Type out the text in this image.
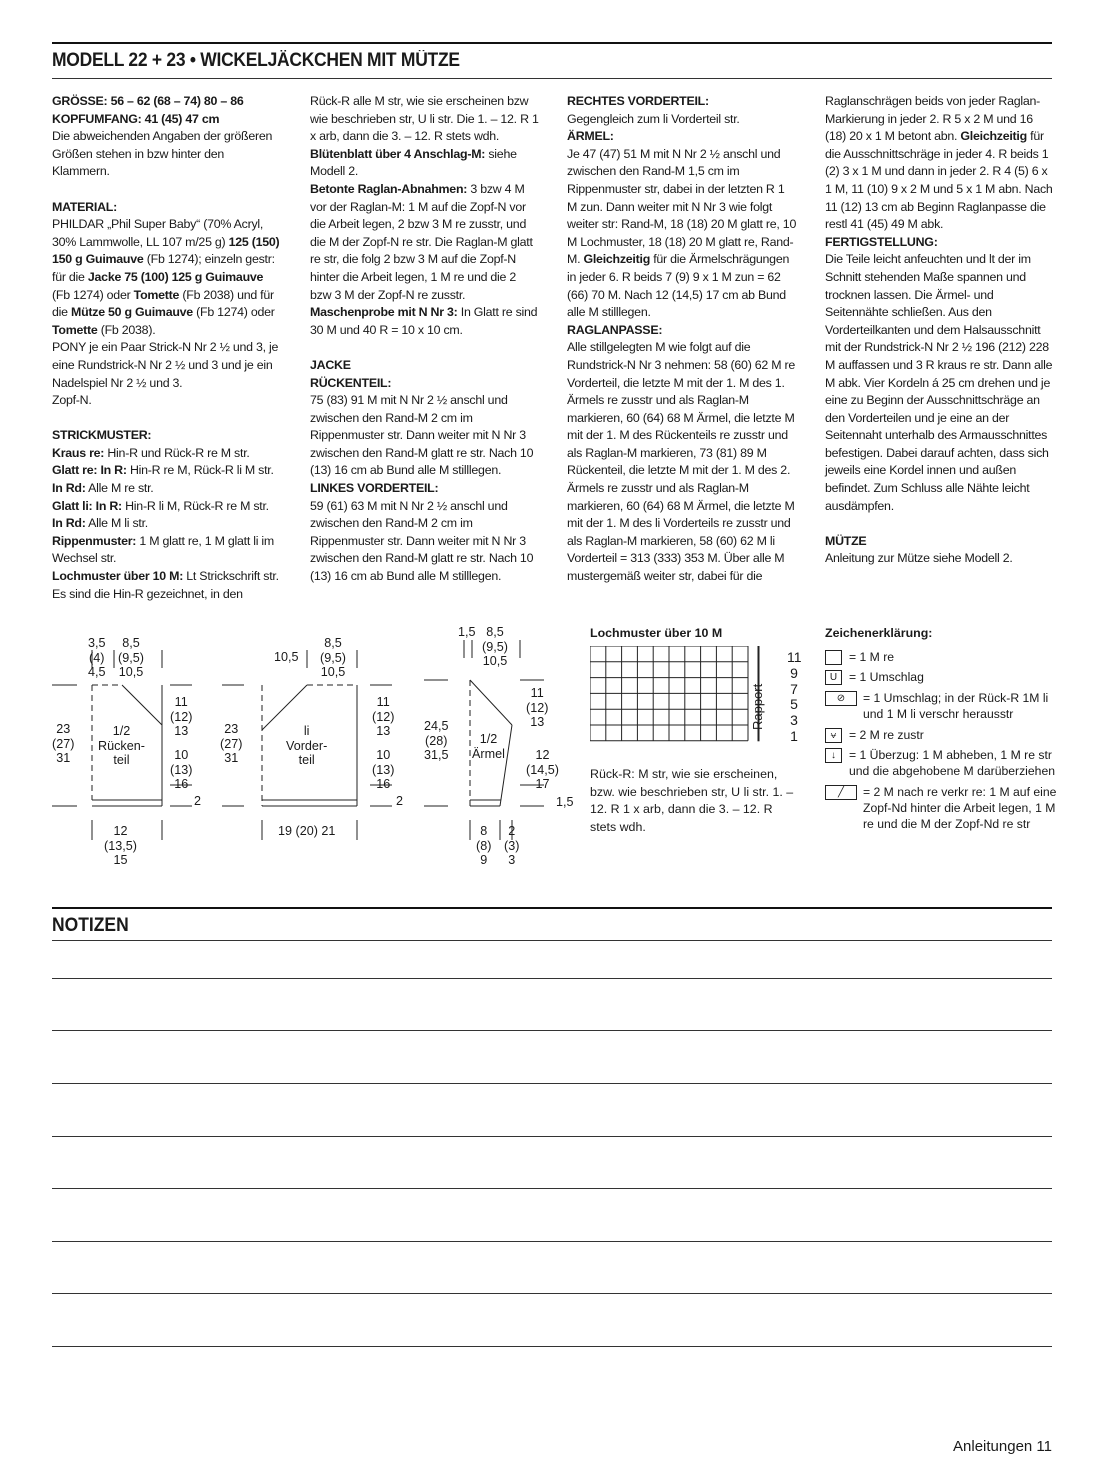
MODELL 22 + 23 • WICKELJÄCKCHEN MIT MÜTZE

GRÖSSE: 56 – 62 (68 – 74) 80 – 86

KOPFUMFANG: 41 (45) 47 cm

Die abweichenden Angaben der größeren Größen stehen in bzw hinter den Klammern.

MATERIAL:

PHILDAR „Phil Super Baby“ (70% Acryl, 30% Lammwolle, LL 107 m/25 g) 125 (150) 150 g Guimauve (Fb 1274); einzeln gestr: für die Jacke 75 (100) 125 g Guimauve (Fb 1274) oder Tomette (Fb 2038) und für die Mütze 50 g Guimauve (Fb 1274) oder Tomette (Fb 2038).

PONY je ein Paar Strick-N Nr 2 ½ und 3, je eine Rundstrick-N Nr 2 ½ und 3 und je ein Nadelspiel Nr 2 ½ und 3.

Zopf-N.

STRICKMUSTER:

Kraus re: Hin-R und Rück-R re M str.

Glatt re: In R: Hin-R re M, Rück-R li M str.

In Rd: Alle M re str.

Glatt li: In R: Hin-R li M, Rück-R re M str.

In Rd: Alle M li str.

Rippenmuster: 1 M glatt re, 1 M glatt li im Wechsel str.

Lochmuster über 10 M: Lt Strickschrift str. Es sind die Hin-R gezeichnet, in den

Rück-R alle M str, wie sie erscheinen bzw wie beschrieben str, U li str. Die 1. – 12. R 1 x arb, dann die 3. – 12. R stets wdh.

Blütenblatt über 4 Anschlag-M: siehe Modell 2.

Betonte Raglan-Abnahmen: 3 bzw 4 M vor der Raglan-M: 1 M auf die Zopf-N vor die Arbeit legen, 2 bzw 3 M re zusstr, und die M der Zopf-N re str. Die Raglan-M glatt re str, die folg 2 bzw 3 M auf die Zopf-N hinter die Arbeit legen, 1 M re und die 2 bzw 3 M der Zopf-N re zusstr.

Maschenprobe mit N Nr 3: In Glatt re sind 30 M und 40 R = 10 x 10 cm.

JACKE

RÜCKENTEIL:

75 (83) 91 M mit N Nr 2 ½ anschl und zwischen den Rand-M 2 cm im Rippenmuster str. Dann weiter mit N Nr 3 zwischen den Rand-M glatt re str. Nach 10 (13) 16 cm ab Bund alle M stilllegen.

LINKES VORDERTEIL:

59 (61) 63 M mit N Nr 2 ½ anschl und zwischen den Rand-M 2 cm im Rippenmuster str. Dann weiter mit N Nr 3 zwischen den Rand-M glatt re str. Nach 10 (13) 16 cm ab Bund alle M stilllegen.

RECHTES VORDERTEIL:

Gegengleich zum li Vorderteil str.

ÄRMEL:

Je 47 (47) 51 M mit N Nr 2 ½ anschl und zwischen den Rand-M 1,5 cm im Rippenmuster str, dabei in der letzten R 1 M zun. Dann weiter mit N Nr 3 wie folgt weiter str: Rand-M, 18 (18) 20 M glatt re, 10 M Lochmuster, 18 (18) 20 M glatt re, Rand-M. Gleichzeitig für die Ärmelschrägungen in jeder 6. R beids 7 (9) 9 x 1 M zun = 62 (66) 70 M. Nach 12 (14,5) 17 cm ab Bund alle M stilllegen.

RAGLANPASSE:

Alle stillgelegten M wie folgt auf die Rundstrick-N Nr 3 nehmen: 58 (60) 62 M re Vorderteil, die letzte M mit der 1. M des 1. Ärmels re zusstr und als Raglan-M markieren, 60 (64) 68 M Ärmel, die letzte M mit der 1. M des Rückenteils re zusstr und als Raglan-M markieren, 73 (81) 89 M Rückenteil, die letzte M mit der 1. M des 2. Ärmels re zusstr und als Raglan-M markieren, 60 (64) 68 M Ärmel, die letzte M mit der 1. M des li Vorderteils re zusstr und als Raglan-M markieren, 58 (60) 62 M li Vorderteil = 313 (333) 353 M. Über alle M mustergemäß weiter str, dabei für die

Raglanschrägen beids von jeder Raglan-Markierung in jeder 2. R 5 x 2 M und 16 (18) 20 x 1 M betont abn. Gleichzeitig für die Ausschnittschräge in jeder 4. R beids 1 (2) 3 x 1 M und dann in jeder 2. R 4 (5) 6 x 1 M, 11 (10) 9 x 2 M und 5 x 1 M abn. Nach 11 (12) 13 cm ab Beginn Raglanpasse die restl 41 (45) 49 M abk.

FERTIGSTELLUNG:

Die Teile leicht anfeuchten und lt der im Schnitt stehenden Maße spannen und trocknen lassen. Die Ärmel- und Seitennähte schließen. Aus den Vorderteilkanten und dem Halsausschnitt mit der Rundstrick-N Nr 2 ½ 196 (212) 228 M auffassen und 3 R kraus re str. Dann alle M abk. Vier Kordeln á 25 cm drehen und je eine zu Beginn der Ausschnittschräge an den Vorderteilen und je eine an der Seitennaht unterhalb des Armausschnittes befestigen. Dabei darauf achten, dass sich jeweils eine Kordel innen und außen befindet. Zum Schluss alle Nähte leicht ausdämpfen.

MÜTZE

Anleitung zur Mütze siehe Modell 2.

3,5
(4)
4,5
8,5
(9,5)
10,5
11
(12)
13
23
(27)
31
1/2
Rücken-
teil	10
(13)
16
2
12
(13,5)
15
10,5
8,5
(9,5)
10,5
11
(12)
13
23
(27)
31
li
Vorder-
teil	10
(13)
16
2
19 (20) 21
1,5 8,5
(9,5)
10,5
11
(12)
13
24,5
(28)
31,5
1/2
Ärmel	12
(14,5)
17
1,5
8
(8)
9
2
(3)
3
Lochmuster über 10 M
Rapport
11
9
7
5
3
1
Rück-R: M str, wie sie erscheinen, bzw. wie beschrieben str, U li str. 1. – 12. R 1 x arb, dann die 3. – 12. R stets wdh.
Zeichenerklärung:
= 1 M re
U = 1 Umschlag
⊘	= 1 Umschlag; in der Rück-R 1M li und 1 M li verschr herausstr
⩝	= 2 M re zustr
↓	= 1 Überzug: 1 M abheben, 1 M re str und die abgehobene M darüberziehen
╱	= 2 M nach re verkr re: 1 M auf eine Zopf-Nd hinter die Arbeit legen, 1 M re und die M der Zopf-Nd re str
NOTIZEN
Anleitungen 11
